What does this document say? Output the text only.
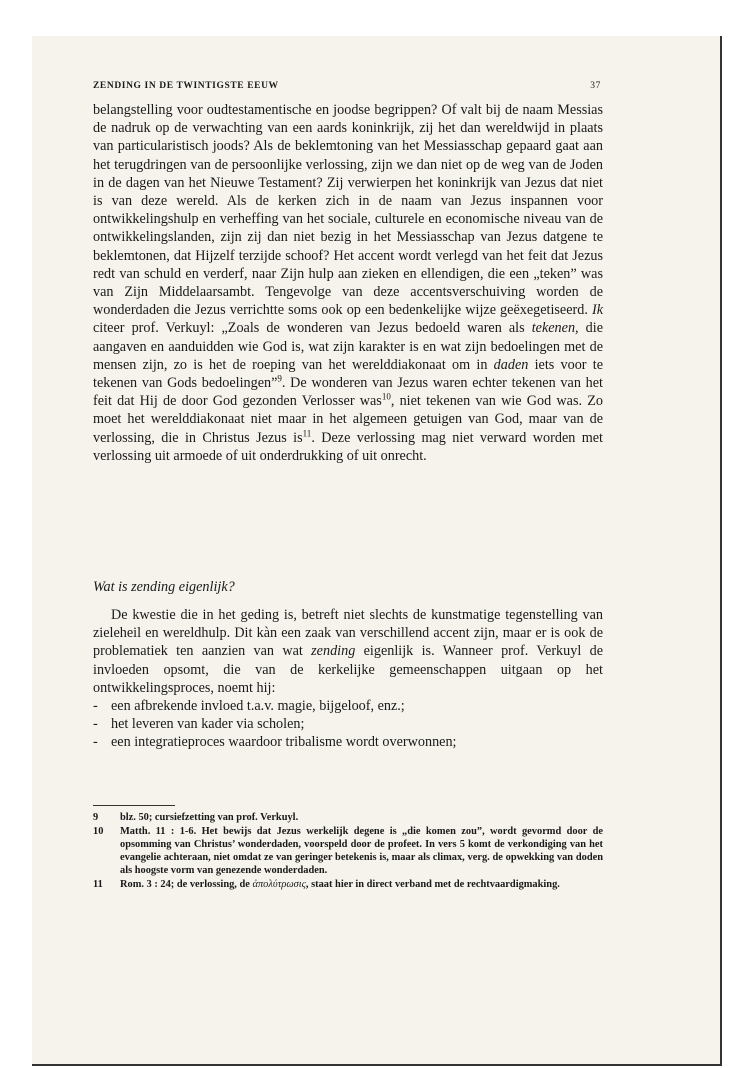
ZENDING IN DE TWINTIGSTE EEUW	37

belangstelling voor oudtestamentische en joodse begrippen? Of valt bij de naam Messias de nadruk op de verwachting van een aards koninkrijk, zij het dan wereldwijd in plaats van particularistisch joods? Als de beklemtoning van het Messiasschap gepaard gaat aan het terugdringen van de persoonlijke verlossing, zijn we dan niet op de weg van de Joden in de dagen van het Nieuwe Testament? Zij verwierpen het koninkrijk van Jezus dat niet is van deze wereld. Als de kerken zich in de naam van Jezus inspannen voor ontwikkelingshulp en verheffing van het sociale, culturele en economische niveau van de ontwikkelingslanden, zijn zij dan niet bezig in het Messiasschap van Jezus datgene te beklemtonen, dat Hijzelf terzijde schoof? Het accent wordt verlegd van het feit dat Jezus redt van schuld en verderf, naar Zijn hulp aan zieken en ellendigen, die een „teken” was van Zijn Middelaarsambt. Tengevolge van deze accentsverschuiving worden de wonderdaden die Jezus verrichtte soms ook op een bedenkelijke wijze geëxegetiseerd. Ik citeer prof. Verkuyl: „Zoals de wonderen van Jezus bedoeld waren als tekenen, die aangaven en aanduidden wie God is, wat zijn karakter is en wat zijn bedoelingen met de mensen zijn, zo is het de roeping van het werelddiakonaat om in daden iets voor te tekenen van Gods bedoelingen”$^9$. De wonderen van Jezus waren echter tekenen van het feit dat Hij de door God gezonden Verlosser was$^{10}$, niet tekenen van wie God was. Zo moet het werelddiakonaat niet maar in het algemeen getuigen van God, maar van de verlossing, die in Christus Jezus $is^{11}$. Deze verlossing mag niet verward worden met verlossing uit armoede of uit onderdrukking of uit onrecht.

Wat is zending eigenlijk?

De kwestie die in het geding is, betreft niet slechts de kunstmatige tegenstelling van zieleheil en wereldhulp. Dit kàn een zaak van verschillend accent zijn, maar er is ook de problematiek ten aanzien van wat zending eigenlijk is. Wanneer prof. Verkuyl de invloeden opsomt, die van de kerkelijke gemeenschappen uitgaan op het ontwikkelingsproces, noemt hij:

- een afbrekende invloed t.a.v. magie, bijgeloof, enz.;
- het leveren van kader via scholen;
- een integratieproces waardoor tribalisme wordt overwonnen;
9	blz. 50; cursiefzetting van prof. Verkuyl.
10	Matth. 11 : 1-6. Het bewijs dat Jezus werkelijk degene is „die komen zou”, wordt gevormd door de opsomming van Christus’ wonderdaden, voorspeld door de profeet. In vers 5 komt de verkondiging van het evangelie achteraan, niet omdat ze van geringer betekenis is, maar als climax, verg. de opwekking van doden als hoogste vorm van genezende wonderdaden.
11	Rom. 3 : 24; de verlossing, de ἀπολύτρωσις, staat hier in direct verband met de rechtvaardigmaking.
